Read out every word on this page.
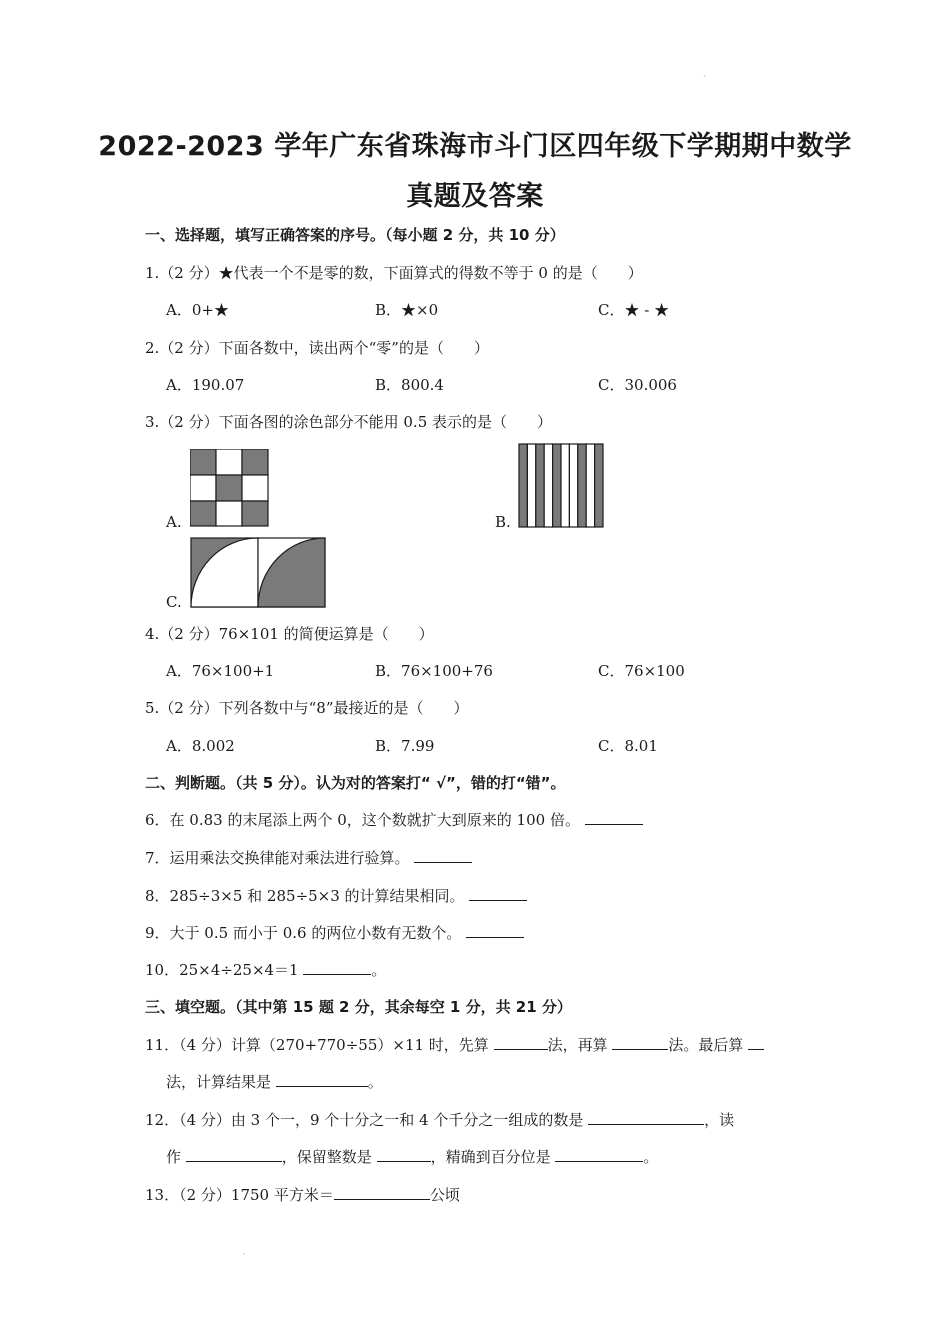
·
2022-2023 学年广东省珠海市斗门区四年级下学期期中数学
真题及答案
一、选择题，填写正确答案的序号。（每小题 2 分，共 10 分）
1.（2 分）★代表一个不是零的数，下面算式的得数不等于 0 的是（　　）
A．0+★	B．★×0	C．★ - ★
2.（2 分）下面各数中，读出两个“零”的是（　　）
A．190.07	B．800.4	C．30.006
3.（2 分）下面各图的涂色部分不能用 0.5 表示的是（　　）
A.	B.
C.
4.（2 分）76×101 的简便运算是（　　）
A．76×100+1	B．76×100+76	C．76×100
5.（2 分）下列各数中与“8”最接近的是（　　）
A．8.002	B．7.99	C．8.01
二、判断题。（共 5 分）。认为对的答案打“ √”，错的打“错”。
6．在 0.83 的末尾添上两个 0，这个数就扩大到原来的 100 倍。
7．运用乘法交换律能对乘法进行验算。
8．285÷3×5 和 285÷5×3 的计算结果相同。
9．大于 0.5 而小于 0.6 的两位小数有无数个。
10．25×4÷25×4＝1	。
三、填空题。（其中第 15 题 2 分，其余每空 1 分，共 21 分）
11．（4 分）计算（270+770÷55）×11 时，先算	法，再算	法。最后算
法，计算结果是	。
12．（4 分）由 3 个一，9 个十分之一和 4 个千分之一组成的数是	，读
作	，保留整数是	，精确到百分位是	。
13．（2 分）1750 平方米＝	公顷
·
